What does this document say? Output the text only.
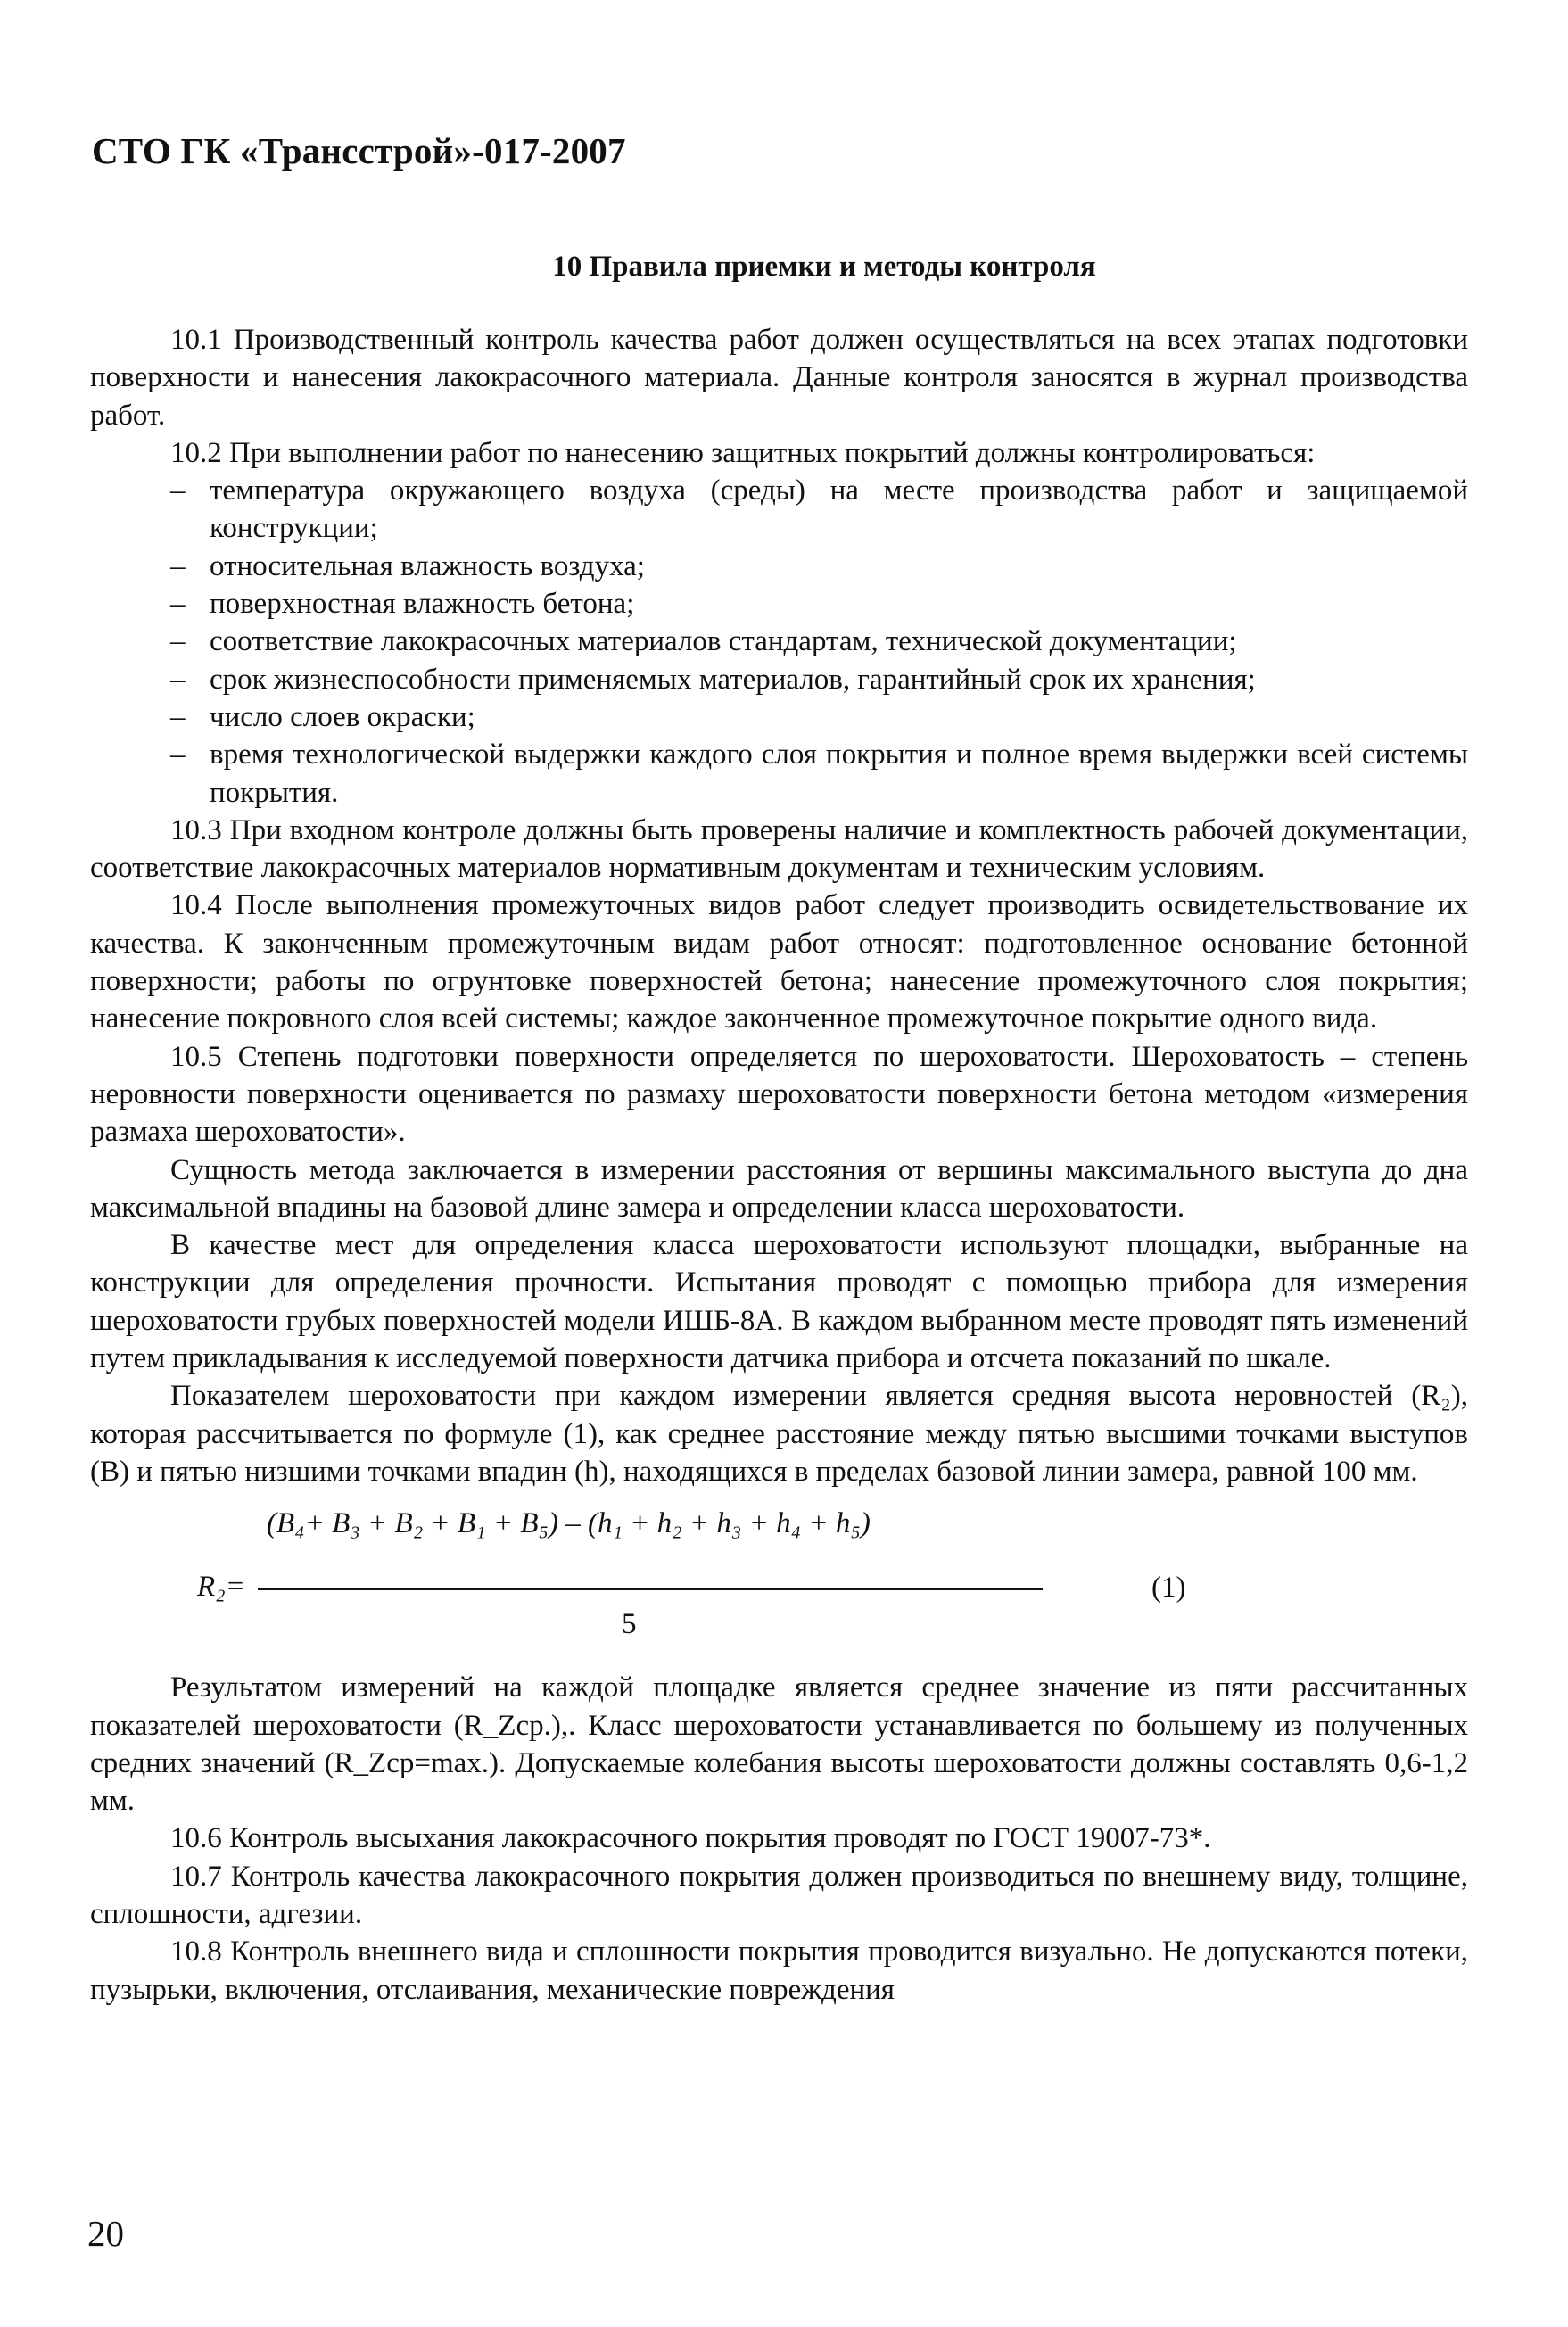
СТО ГК «Трансстрой»-017-2007
10 Правила приемки и методы контроля

10.1 Производственный контроль качества работ должен осуществляться на всех этапах подготовки поверхности и нанесения лакокрасочного материала. Данные контроля заносятся в журнал производства работ.

10.2 При выполнении работ по нанесению защитных покрытий должны контролироваться:

– температура окружающего воздуха (среды) на месте производства работ и защищаемой конструкции;
– относительная влажность воздуха;
– поверхностная влажность бетона;
– соответствие лакокрасочных материалов стандартам, технической документации;
– срок жизнеспособности применяемых материалов, гарантийный срок их хранения;
– число слоев окраски;
– время технологической выдержки каждого слоя покрытия и полное время выдержки всей системы покрытия.

10.3 При входном контроле должны быть проверены наличие и комплектность рабочей документации, соответствие лакокрасочных материалов нормативным документам и техническим условиям.

10.4 После выполнения промежуточных видов работ следует производить освидетельствование их качества. К законченным промежуточным видам работ относят: подготовленное основание бетонной поверхности; работы по огрунтовке поверхностей бетона; нанесение промежуточного слоя покрытия; нанесение покровного слоя всей системы; каждое законченное промежуточное покрытие одного вида.

10.5 Степень подготовки поверхности определяется по шероховатости. Шероховатость – степень неровности поверхности оценивается по размаху шероховатости поверхности бетона методом «измерения размаха шероховатости».

Сущность метода заключается в измерении расстояния от вершины максимального выступа до дна максимальной впадины на базовой длине замера и определении класса шероховатости.

В качестве мест для определения класса шероховатости используют площадки, выбранные на конструкции для определения прочности. Испытания проводят с помощью прибора для измерения шероховатости грубых поверхностей модели ИШБ-8А. В каждом выбранном месте проводят пять изменений путем прикладывания к исследуемой поверхности датчика прибора и отсчета показаний по шкале.

Показателем шероховатости при каждом измерении является средняя высота неровностей (R₂), которая рассчитывается по формуле (1), как среднее расстояние между пятью высшими точками выступов (B) и пятью низшими точками впадин (h), находящихся в пределах базовой линии замера, равной 100 мм.

R₂=
(B₄+ B₃ + B₂ + B₁ + B₅) – (h₁ + h₂ + h₃ + h₄ + h₅)
5
(1)

Результатом измерений на каждой площадке является среднее значение из пяти рассчитанных показателей шероховатости (R_Zср.),. Класс шероховатости устанавливается по большему из полученных средних значений (R_Zср=max.). Допускаемые колебания высоты шероховатости должны составлять 0,6-1,2 мм.

10.6 Контроль высыхания лакокрасочного покрытия проводят по ГОСТ 19007-73*.

10.7 Контроль качества лакокрасочного покрытия должен производиться по внешнему виду, толщине, сплошности, адгезии.

10.8 Контроль внешнего вида и сплошности покрытия проводится визуально. Не допускаются потеки, пузырьки, включения, отслаивания, механические повреждения

20
